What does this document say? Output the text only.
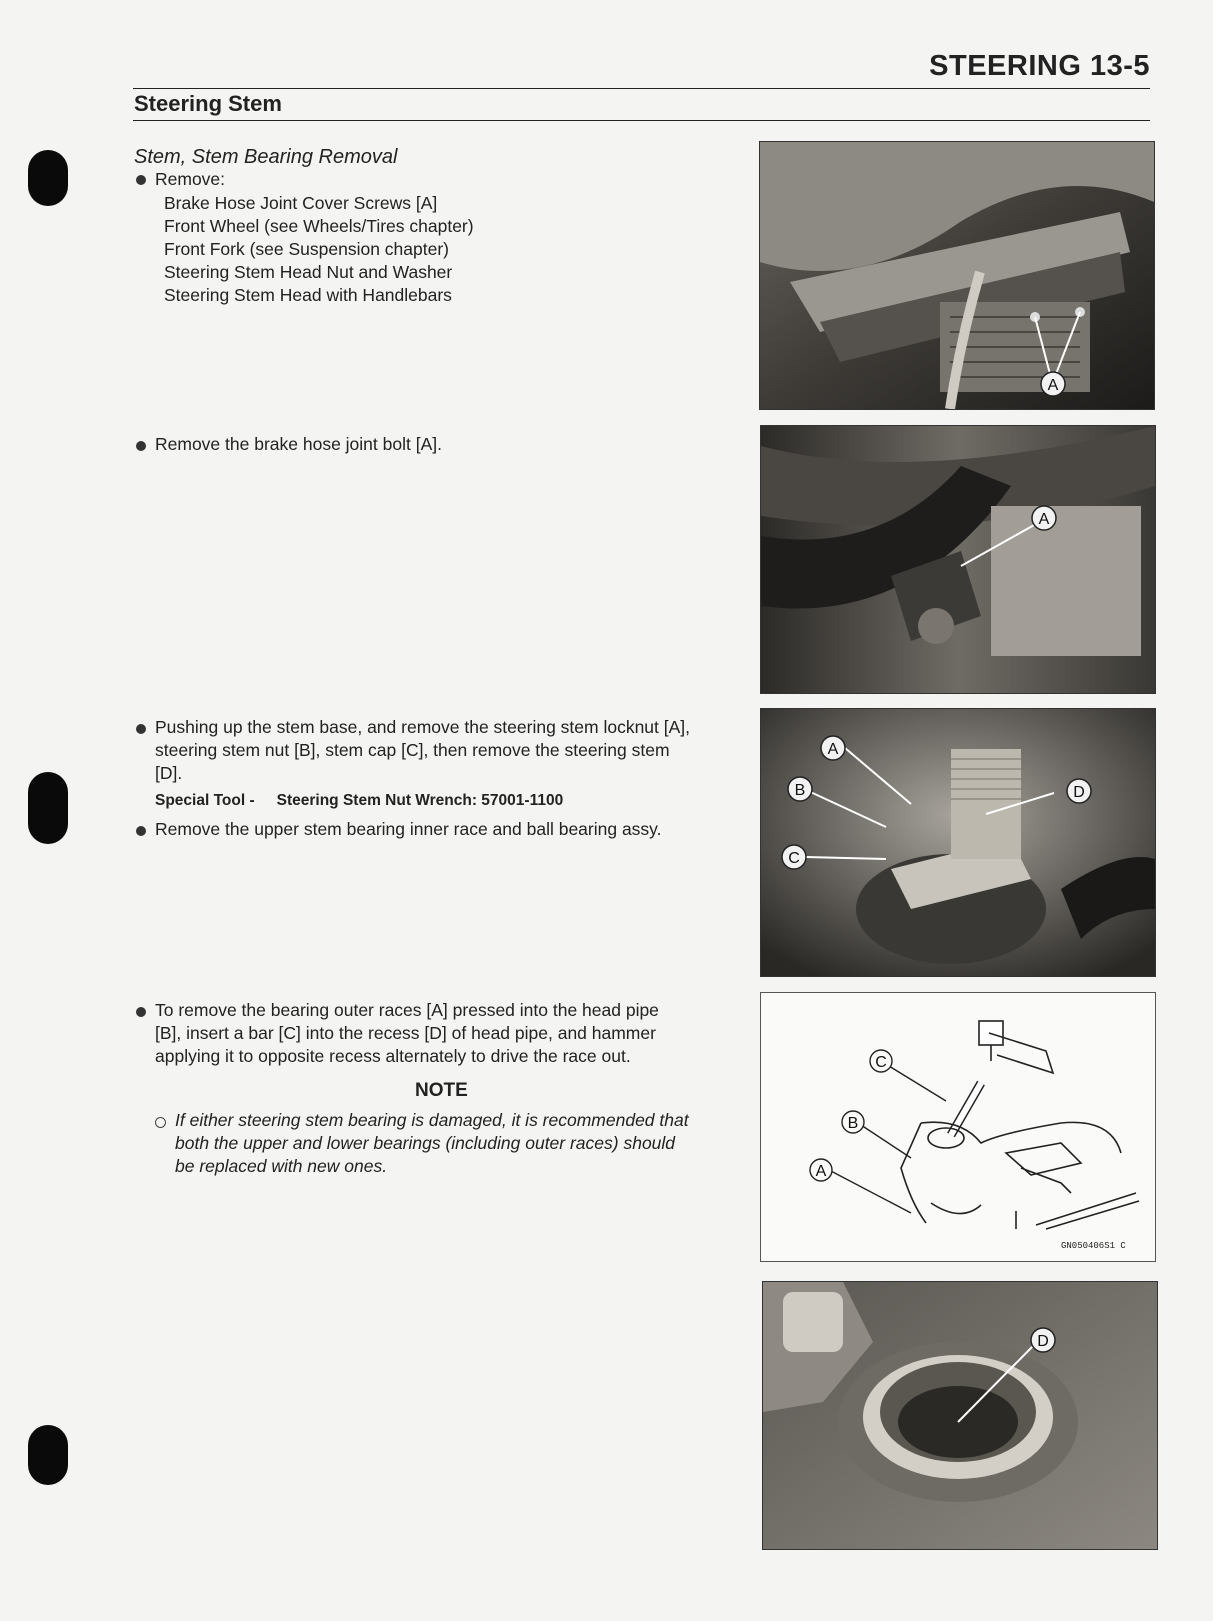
STEERING 13-5
Steering Stem
Stem, Stem Bearing Removal
Remove:
Brake Hose Joint Cover Screws [A]
Front Wheel (see Wheels/Tires chapter)
Front Fork (see Suspension chapter)
Steering Stem Head Nut and Washer
Steering Stem Head with Handlebars
Remove the brake hose joint bolt [A].
Pushing up the stem base, and remove the steering stem locknut [A],
steering stem nut [B], stem cap [C], then remove the steering stem
[D].
Special Tool - Steering Stem Nut Wrench: 57001-1100
Remove the upper stem bearing inner race and ball bearing assy.
To remove the bearing outer races [A] pressed into the head pipe
[B], insert a bar [C] into the recess [D] of head pipe, and hammer
applying it to opposite recess alternately to drive the race out.
NOTE
If either steering stem bearing is damaged, it is recommended that
both the upper and lower bearings (including outer races) should
be replaced with new ones.
A
A
A
B
C
D
C
B
A
GN050406S1 C
D
